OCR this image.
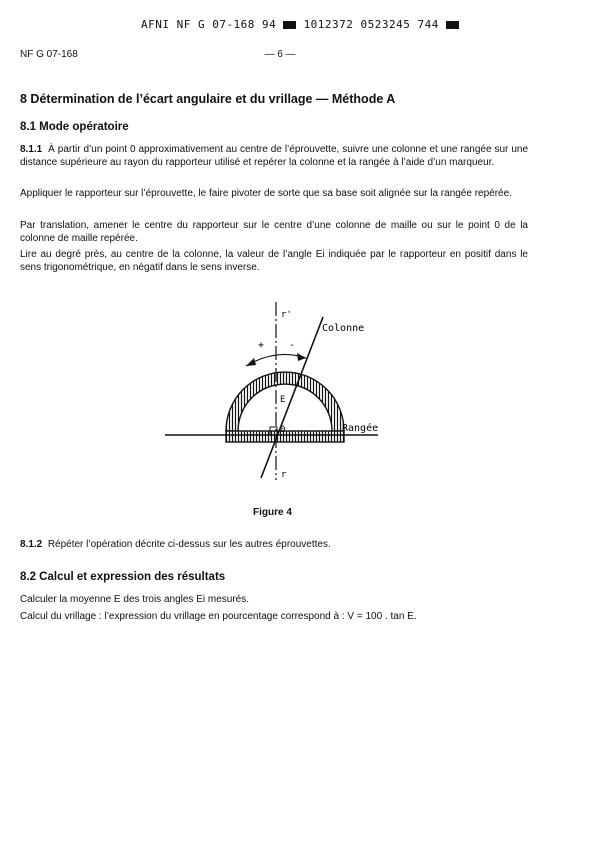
AFNI NF G 07-168 94 1012372 0523245 744
NF G 07-168	— 6 —
8 Détermination de l’écart angulaire et du vrillage — Méthode A
8.1 Mode opératoire
8.1.1 À partir d’un point 0 approximativement au centre de l’éprouvette, suivre une colonne et une rangée sur une distance supérieure au rayon du rapporteur utilisé et repérer la colonne et la rangée à l’aide d’un marqueur.
Appliquer le rapporteur sur l’éprouvette, le faire pivoter de sorte que sa base soit alignée sur la rangée repérée.
Par translation, amener le centre du rapporteur sur le centre d’une colonne de maille ou sur le point 0 de la colonne de maille repérée.
Lire au degré près, au centre de la colonne, la valeur de l’angle Ei indiquée par le rapporteur en positif dans le sens trigonométrique, en négatif dans le sens inverse.
r'
Colonne
+ -
E
0	Rangée
r
Figure 4
8.1.2 Répéter l’opération décrite ci-dessus sur les autres éprouvettes.
8.2 Calcul et expression des résultats
Calculer la moyenne E des trois angles Ei mesurés.
Calcul du vrillage : l’expression du vrillage en pourcentage correspond à : V = 100 . tan E.
